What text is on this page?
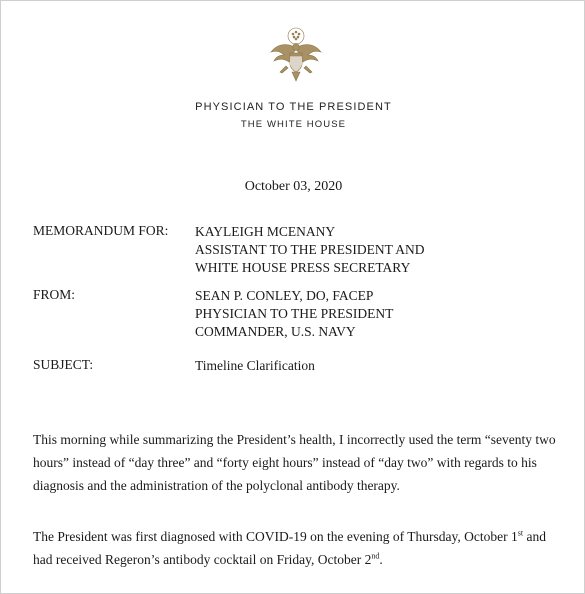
PHYSICIAN TO THE PRESIDENT
THE WHITE HOUSE
October 03, 2020
MEMORANDUM FOR: KAYLEIGH MCENANY
ASSISTANT TO THE PRESIDENT AND
WHITE HOUSE PRESS SECRETARY
FROM:	SEAN P. CONLEY, DO, FACEP
PHYSICIAN TO THE PRESIDENT
COMMANDER, U.S. NAVY
SUBJECT:	Timeline Clarification
This morning while summarizing the President’s health, I incorrectly used the term “seventy two
hours” instead of “day three” and “forty eight hours” instead of “day two” with regards to his
diagnosis and the administration of the polyclonal antibody therapy.
The President was first diagnosed with COVID-19 on the evening of Thursday, October 1st and
had received Regeron’s antibody cocktail on Friday, October 2nd.
